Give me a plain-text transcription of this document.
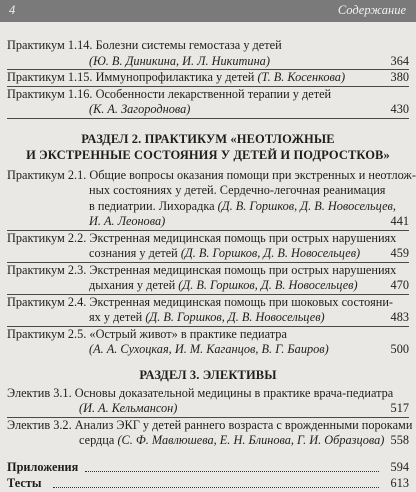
4	Содержание
Практикум 1.14. Болезни системы гемостаза у детей
(Ю. В. Диникина, И. Л. Никитина)	364
Практикум 1.15. Иммунопрофилактика у детей (Т. В. Косенкова)	380
Практикум 1.16. Особенности лекарственной терапии у детей
(К. А. Загороднова)	430
РАЗДЕЛ 2. ПРАКТИКУМ «НЕОТЛОЖНЫЕ
И ЭКСТРЕННЫЕ СОСТОЯНИЯ У ДЕТЕЙ И ПОДРОСТКОВ»
Практикум 2.1. Общие вопросы оказания помощи при экстренных и неотлож-
ных состояниях у детей. Сердечно-легочная реанимация
в педиатрии. Лихорадка (Д. В. Горшков, Д. В. Новосельцев,
И. А. Леонова)	441
Практикум 2.2. Экстренная медицинская помощь при острых нарушениях
сознания у детей (Д. В. Горшков, Д. В. Новосельцев) 459
Практикум 2.3. Экстренная медицинская помощь при острых нарушениях
дыхания у детей (Д. В. Горшков, Д. В. Новосельцев)	470
Практикум 2.4. Экстренная медицинская помощь при шоковых состояни-
ях у детей (Д. В. Горшков, Д. В. Новосельцев)	483
Практикум 2.5. «Острый живот» в практике педиатра
(А. А. Сухоцкая, И. М. Каганцов, В. Г. Баиров)	500
РАЗДЕЛ 3. ЭЛЕКТИВЫ
Электив 3.1. Основы доказательной медицины в практике врача-педиатра
(И. А. Кельмансон)	517
Электив 3.2. Анализ ЭКГ у детей раннего возраста с врожденными пороками
сердца (С. Ф. Мавлюшева, Е. Н. Блинова, Г. И. Образцова) 558
Приложения	594
Тесты	613
